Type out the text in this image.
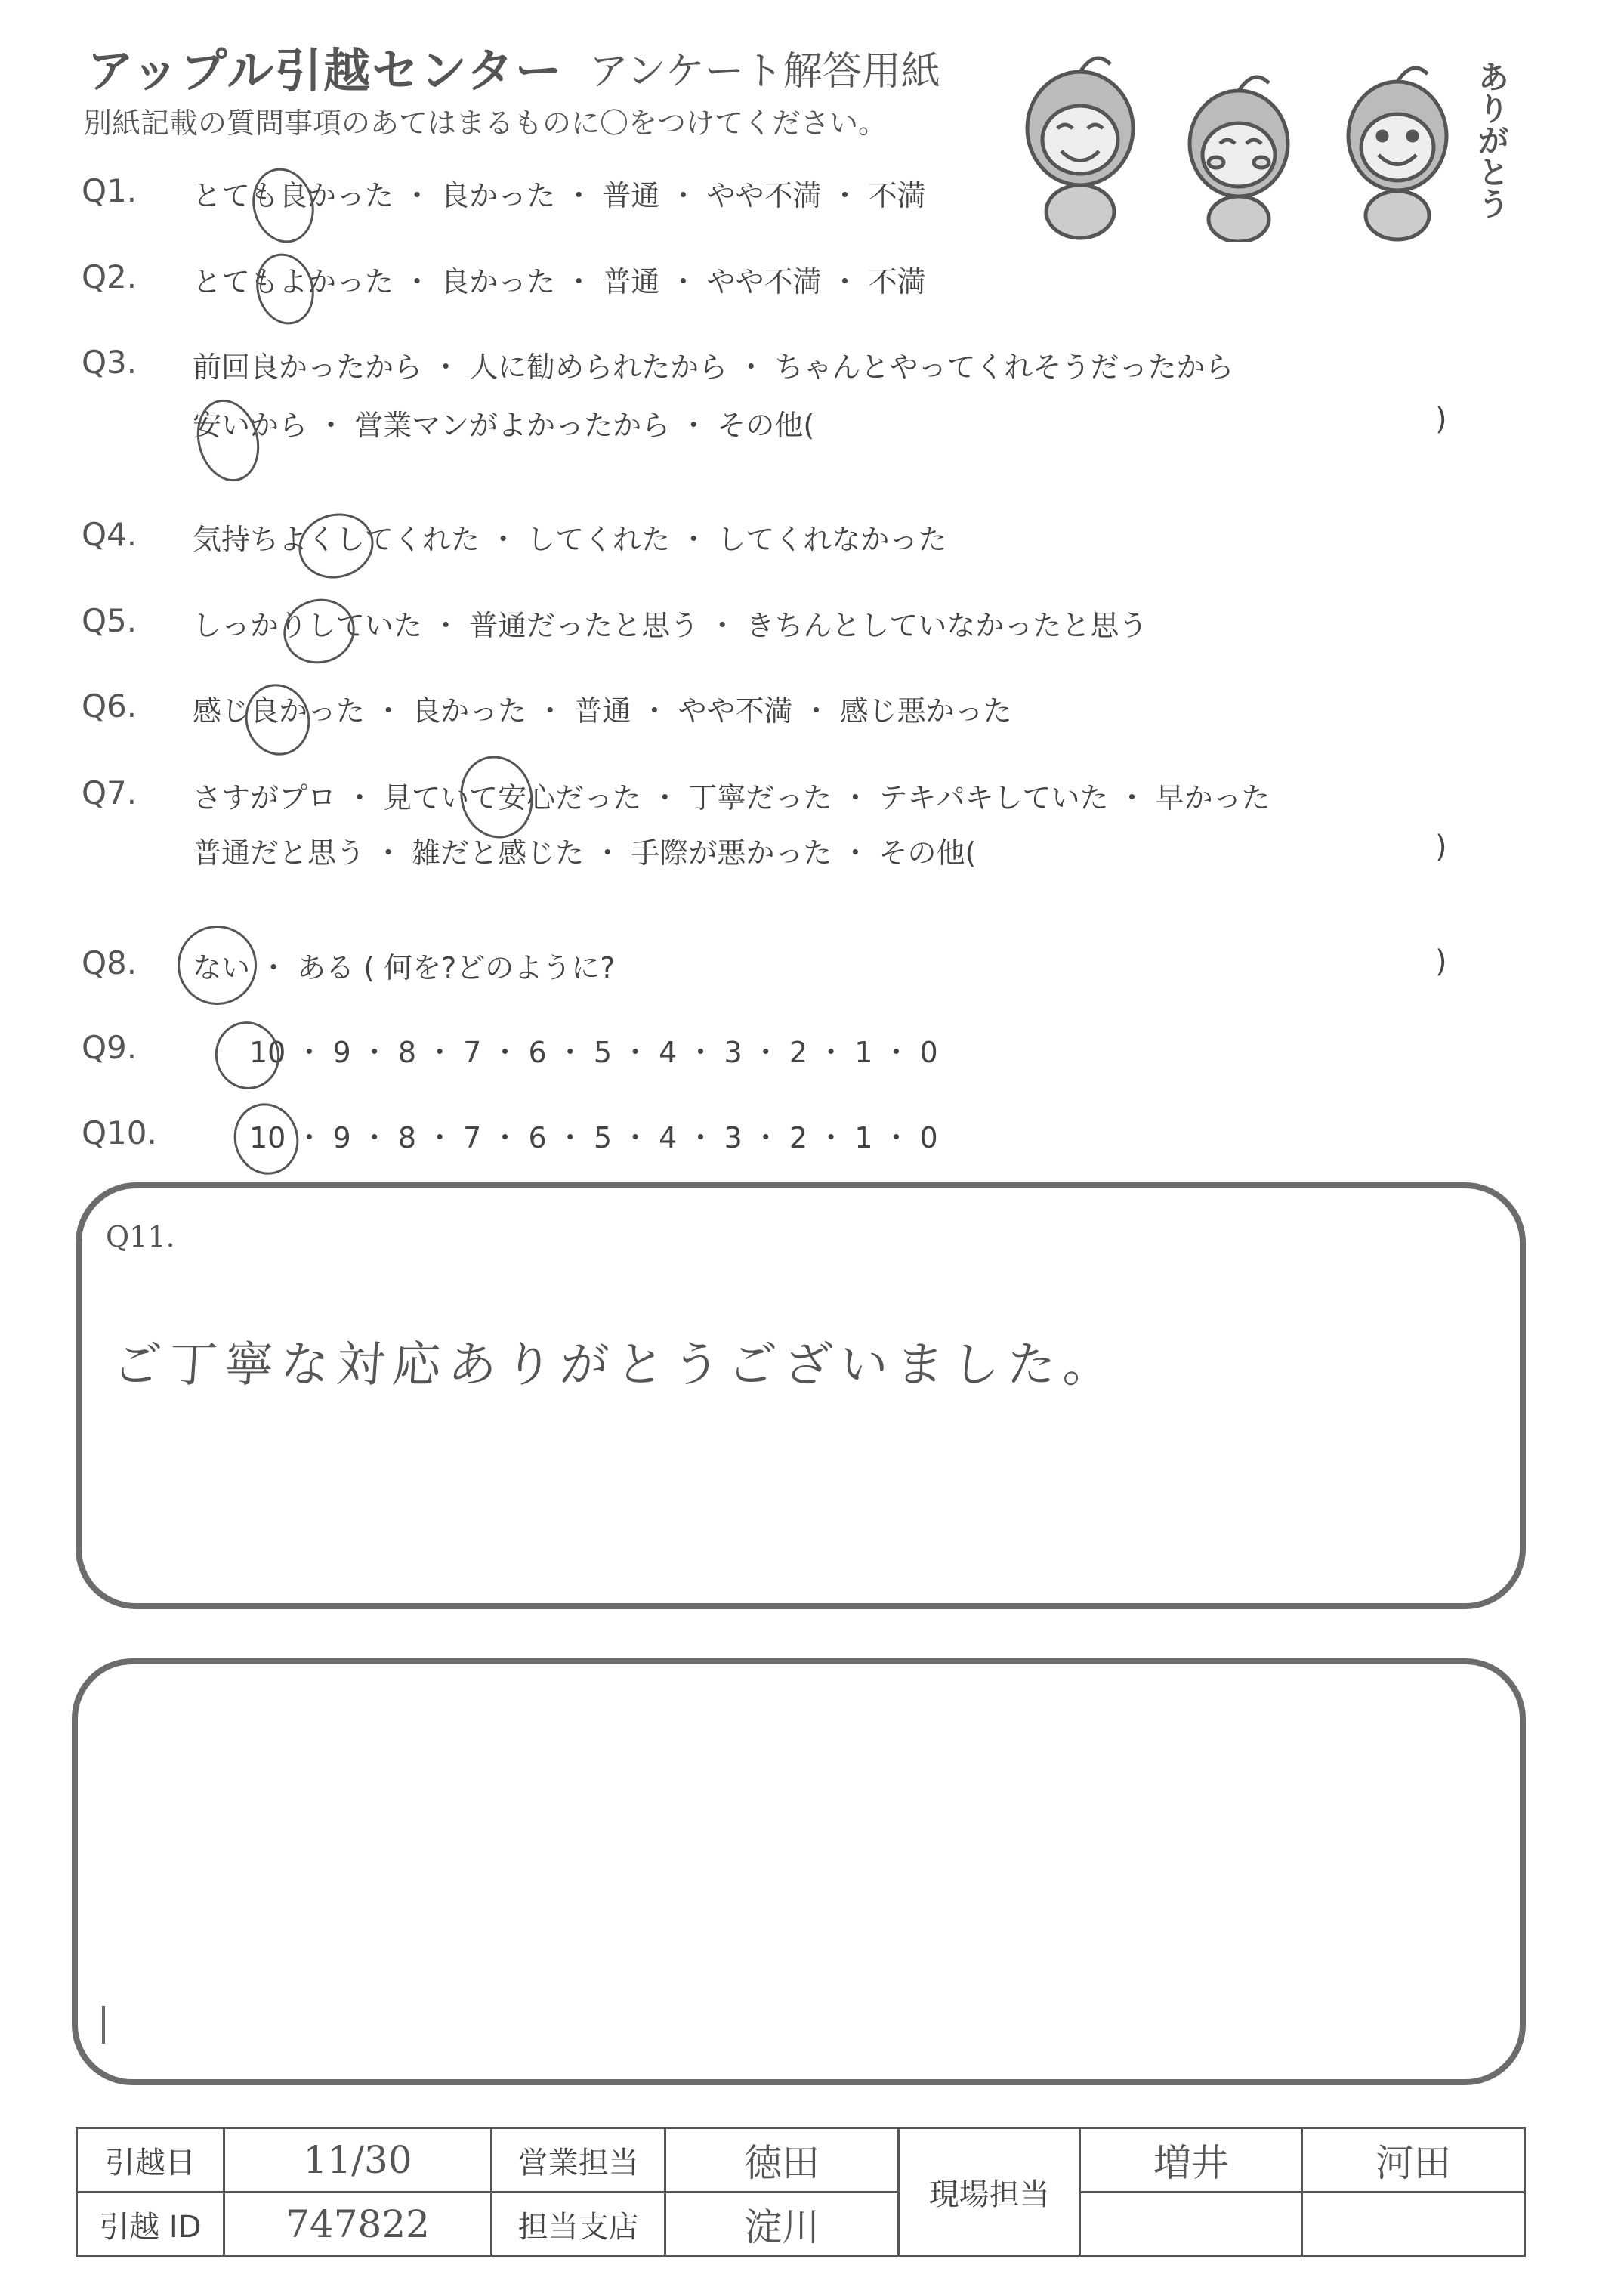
アップル引越センター アンケート解答用紙
別紙記載の質問事項のあてはまるものに〇をつけてください。	ありがとう
Q1. とても良かった ・ 良かった ・ 普通 ・ やや不満 ・ 不満
Q2. とてもよかった ・ 良かった ・ 普通 ・ やや不満 ・ 不満
Q3. 前回良かったから ・ 人に勧められたから ・ ちゃんとやってくれそうだったから
安いから ・ 営業マンがよかったから ・ その他(	)
Q4. 気持ちよくしてくれた ・ してくれた ・ してくれなかった
Q5. しっかりしていた ・ 普通だったと思う ・ きちんとしていなかったと思う
Q6. 感じ良かった ・ 良かった ・ 普通 ・ やや不満 ・ 感じ悪かった
Q7. さすがプロ ・ 見ていて安心だった ・ 丁寧だった ・ テキパキしていた ・ 早かった
普通だと思う ・ 雑だと感じた ・ 手際が悪かった ・ その他(	)
Q8. ない ・ ある ( 何を?どのように?	)
Q9.	10 ・ 9 ・ 8 ・ 7 ・ 6 ・ 5 ・ 4 ・ 3 ・ 2 ・ 1 ・ 0
Q10.	10 ・ 9 ・ 8 ・ 7 ・ 6 ・ 5 ・ 4 ・ 3 ・ 2 ・ 1 ・ 0
Q11.
ご丁寧な対応ありがとうございました。
引越日	11/30	営業担当	徳田	現場担当	増井	河田
引越 ID	747822	担当支店	淀川			
